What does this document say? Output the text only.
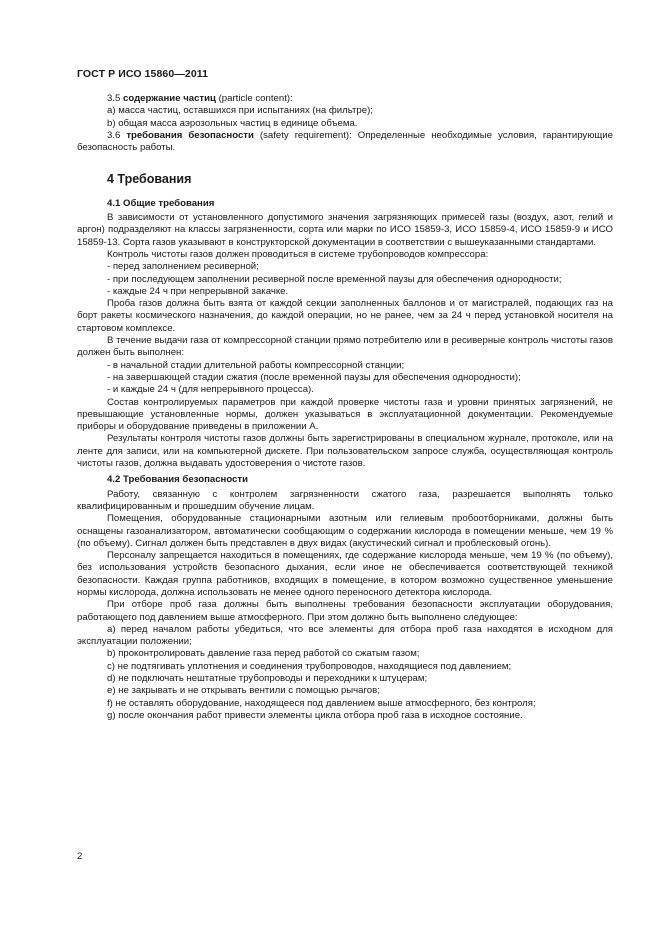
ГОСТ Р ИСО 15860—2011

3.5 содержание частиц (particle content):

a) масса частиц, оставшихся при испытаниях (на фильтре);

b) общая масса аэрозольных частиц в единице объема.

3.6 требования безопасности (safety requirement): Определенные необходимые условия, гарантирующие безопасность работы.

4 Требования
4.1 Общие требования

В зависимости от установленного допустимого значения загрязняющих примесей газы (воздух, азот, гелий и аргон) подразделяют на классы загрязненности, сорта или марки по ИСО 15859-3, ИСО 15859-4, ИСО 15859-9 и ИСО 15859-13. Сорта газов указывают в конструкторской документации в соответствии с вышеуказанными стандартами.

Контроль чистоты газов должен проводиться в системе трубопроводов компрессора:

- перед заполнением ресиверной;

- при последующем заполнении ресиверной после временной паузы для обеспечения однородности;

- каждые 24 ч при непрерывной закачке.

Проба газов должна быть взята от каждой секции заполненных баллонов и от магистралей, подающих газ на борт ракеты космического назначения, до каждой операции, но не ранее, чем за 24 ч перед установкой носителя на стартовом комплексе.

В течение выдачи газа от компрессорной станции прямо потребителю или в ресиверные контроль чистоты газов должен быть выполнен:

- в начальной стадии длительной работы компрессорной станции;

- на завершающей стадии сжатия (после временной паузы для обеспечения однородности);

- и каждые 24 ч (для непрерывного процесса).

Состав контролируемых параметров при каждой проверке чистоты газа и уровни принятых загрязнений, не превышающие установленные нормы, должен указываться в эксплуатационной документации. Рекомендуемые приборы и оборудование приведены в приложении А.

Результаты контроля чистоты газов должны быть зарегистрированы в специальном журнале, протоколе, или на ленте для записи, или на компьютерной дискете. При пользовательском запросе служба, осуществляющая контроль чистоты газов, должна выдавать удостоверения о чистоте газов.

4.2 Требования безопасности

Работу, связанную с контролем загрязненности сжатого газа, разрешается выполнять только квалифицированным и прошедшим обучение лицам.

Помещения, оборудованные стационарными азотным или гелиевым пробоотборниками, должны быть оснащены газоанализатором, автоматически сообщающим о содержании кислорода в помещении меньше, чем 19 % (по объему). Сигнал должен быть представлен в двух видах (акустический сигнал и проблесковый огонь).

Персоналу запрещается находиться в помещениях, где содержание кислорода меньше, чем 19 % (по объему), без использования устройств безопасного дыхания, если иное не обеспечивается соответствующей техникой безопасности. Каждая группа работников, входящих в помещение, в котором возможно существенное уменьшение нормы кислорода, должна использовать не менее одного переносного детектора кислорода.

При отборе проб газа должны быть выполнены требования безопасности эксплуатации оборудования, работающего под давлением выше атмосферного. При этом должно быть выполнено следующее:

a) перед началом работы убедиться, что все элементы для отбора проб газа находятся в исходном для эксплуатации положении;

b) проконтролировать давление газа перед работой со сжатым газом;

c) не подтягивать уплотнения и соединения трубопроводов, находящиеся под давлением;

d) не подключать нештатные трубопроводы и переходники к штуцерам;

e) не закрывать и не открывать вентили с помощью рычагов;

f) не оставлять оборудование, находящееся под давлением выше атмосферного, без контроля;

g) после окончания работ привести элементы цикла отбора проб газа в исходное состояние.

2
